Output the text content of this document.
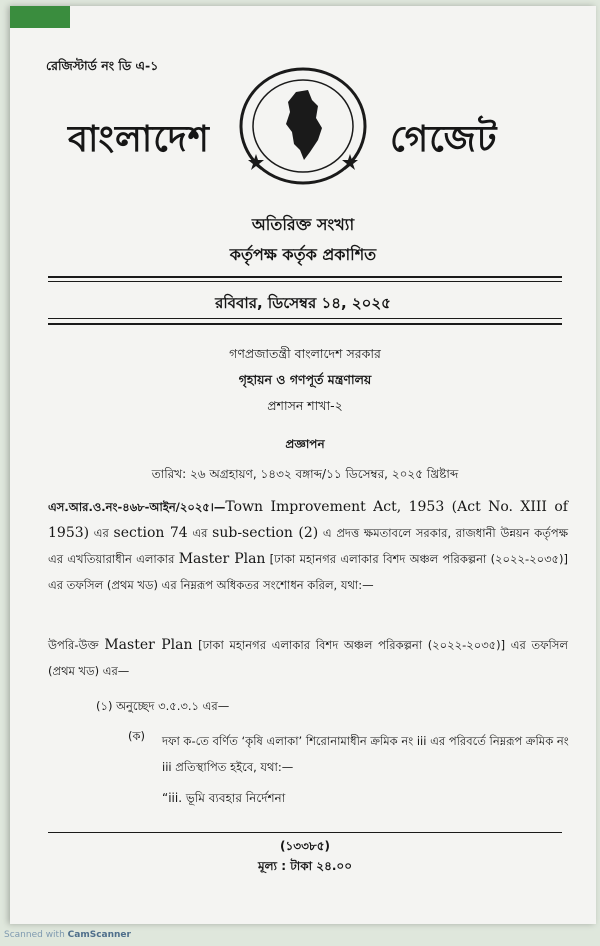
রেজিস্টার্ড নং ডি এ-১
বাংলাদেশ	গেজেট
অতিরিক্ত সংখ্যা
কর্তৃপক্ষ কর্তৃক প্রকাশিত
রবিবার, ডিসেম্বর ১৪, ২০২৫
গণপ্রজাতন্ত্রী বাংলাদেশ সরকার
গৃহায়ন ও গণপূর্ত মন্ত্রণালয়
প্রশাসন শাখা-২
প্রজ্ঞাপন
তারিখ: ২৬ অগ্রহায়ণ, ১৪৩২ বঙ্গাব্দ/১১ ডিসেম্বর, ২০২৫ খ্রিষ্টাব্দ
এস.আর.ও.নং-৪৬৮-আইন/২০২৫।—Town Improvement Act, 1953 (Act No. XIII of 1953) এর section 74 এর sub-section (2) এ প্রদত্ত ক্ষমতাবলে সরকার, রাজধানী উন্নয়ন কর্তৃপক্ষ এর এখতিয়ারাধীন এলাকার Master Plan [ঢাকা মহানগর এলাকার বিশদ অঞ্চল পরিকল্পনা (২০২২-২০৩৫)] এর তফসিল (প্রথম খড) এর নিম্নরূপ অধিকতর সংশোধন করিল, যথা:—
উপরি-উক্ত Master Plan [ঢাকা মহানগর এলাকার বিশদ অঞ্চল পরিকল্পনা (২০২২-২০৩৫)] এর তফসিল (প্রথম খড) এর—
(১) অনুচ্ছেদ ৩.৫.৩.১ এর—
(ক) দফা ক-তে বর্ণিত ‘কৃষি এলাকা’ শিরোনামাধীন ক্রমিক নং iii এর পরিবর্তে নিম্নরূপ ক্রমিক নং iii প্রতিস্থাপিত হইবে, যথা:—
“iii. ভূমি ব্যবহার নির্দেশনা
(১৩৩৮৫)
মূল্য : টাকা ২৪.০০
Scanned with CamScanner
